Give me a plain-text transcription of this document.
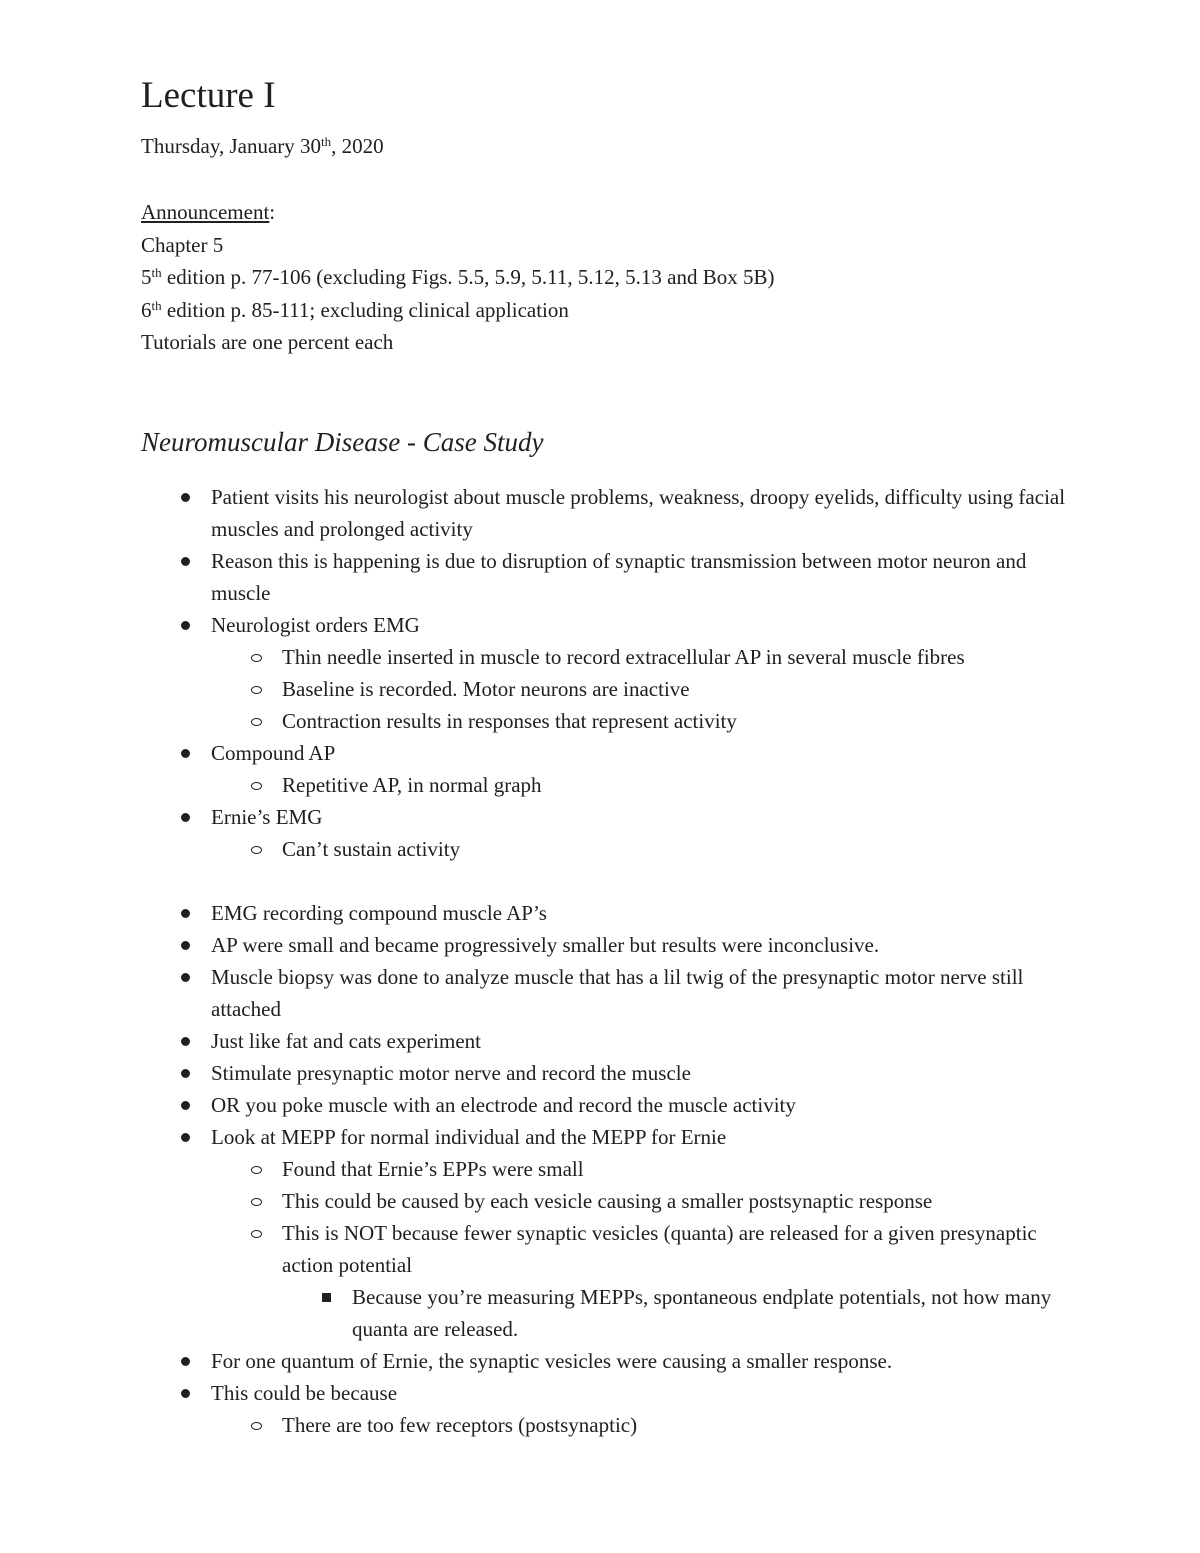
Lecture I
Thursday, January 30th, 2020
Announcement:
Chapter 5
5th edition p. 77-106 (excluding Figs. 5.5, 5.9, 5.11, 5.12, 5.13 and Box 5B)
6th edition p. 85-111; excluding clinical application
Tutorials are one percent each
Neuromuscular Disease - Case Study
Patient visits his neurologist about muscle problems, weakness, droopy eyelids, difficulty using facial muscles and prolonged activity
Reason this is happening is due to disruption of synaptic transmission between motor neuron and muscle
Neurologist orders EMG
Thin needle inserted in muscle to record extracellular AP in several muscle fibres
Baseline is recorded. Motor neurons are inactive
Contraction results in responses that represent activity
Compound AP
Repetitive AP, in normal graph
Ernie’s EMG
Can’t sustain activity
EMG recording compound muscle AP’s
AP were small and became progressively smaller but results were inconclusive.
Muscle biopsy was done to analyze muscle that has a lil twig of the presynaptic motor nerve still attached
Just like fat and cats experiment
Stimulate presynaptic motor nerve and record the muscle
OR you poke muscle with an electrode and record the muscle activity
Look at MEPP for normal individual and the MEPP for Ernie
Found that Ernie’s EPPs were small
This could be caused by each vesicle causing a smaller postsynaptic response
This is NOT because fewer synaptic vesicles (quanta) are released for a given presynaptic action potential
Because you’re measuring MEPPs, spontaneous endplate potentials, not how many quanta are released.
For one quantum of Ernie, the synaptic vesicles were causing a smaller response.
This could be because
There are too few receptors (postsynaptic)
